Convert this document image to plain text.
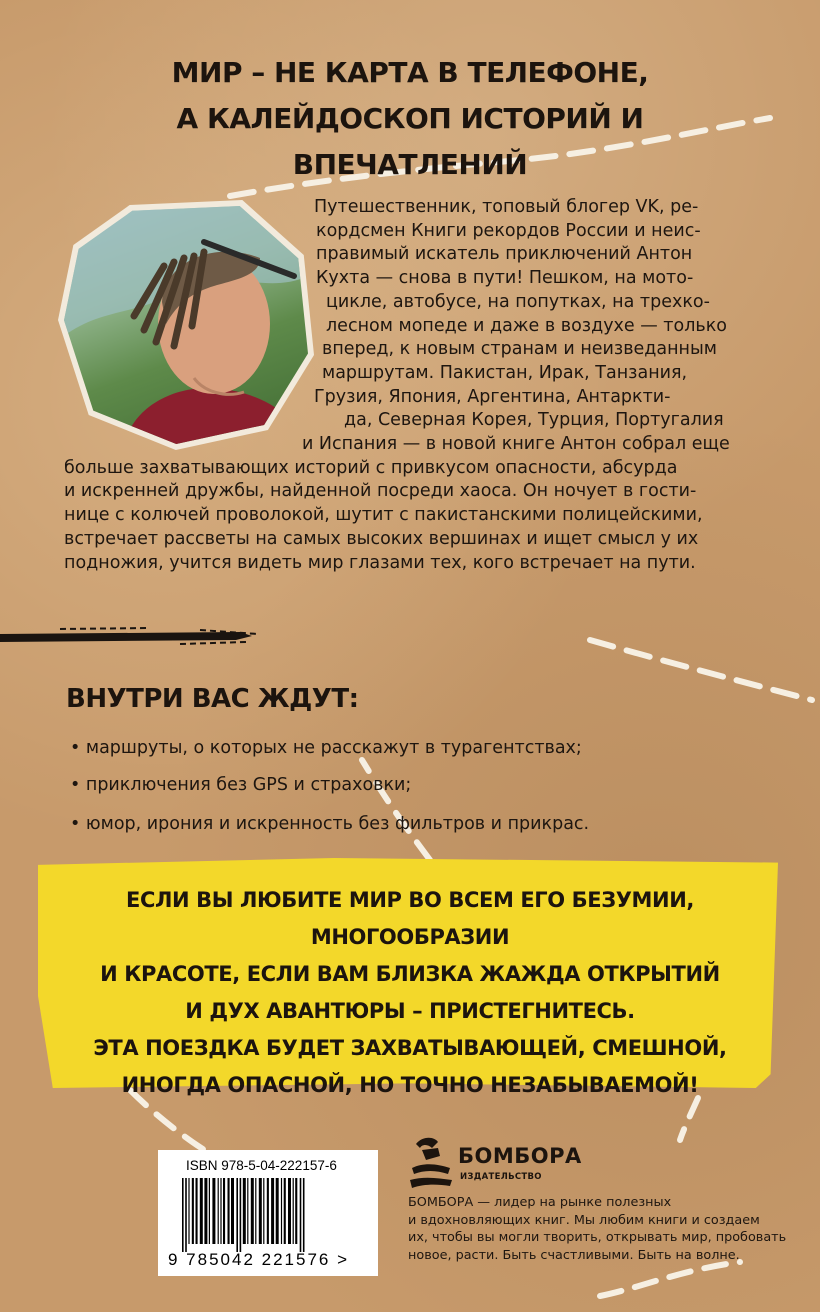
МИР – НЕ КАРТА В ТЕЛЕФОНЕ,
А КАЛЕЙДОСКОП ИСТОРИЙ И ВПЕЧАТЛЕНИЙ
Путешественник, топовый блогер VK, ре-
кордсмен Книги рекордов России и неис-
правимый искатель приключений Антон
Кухта — снова в пути! Пешком, на мото-
цикле, автобусе, на попутках, на трехко-
лесном мопеде и даже в воздухе — только
вперед, к новым странам и неизведанным
маршрутам. Пакистан, Ирак, Танзания,
Грузия, Япония, Аргентина, Антаркти-
да, Северная Корея, Турция, Португалия
и Испания — в новой книге Антон собрал еще
больше захватывающих историй с привкусом опасности, абсурда
и искренней дружбы, найденной посреди хаоса. Он ночует в гости-
нице с колючей проволокой, шутит с пакистанскими полицейскими,
встречает рассветы на самых высоких вершинах и ищет смысл у их
подножия, учится видеть мир глазами тех, кого встречает на пути.
ВНУТРИ ВАС ЖДУТ:
• маршруты, о которых не расскажут в турагентствах;
• приключения без GPS и страховки;
• юмор, ирония и искренность без фильтров и прикрас.
ЕСЛИ ВЫ ЛЮБИТЕ МИР ВО ВСЕМ ЕГО БЕЗУМИИ, МНОГООБРАЗИИ
И КРАСОТЕ, ЕСЛИ ВАМ БЛИЗКА ЖАЖДА ОТКРЫТИЙ
И ДУХ АВАНТЮРЫ – ПРИСТЕГНИТЕСЬ.
ЭТА ПОЕЗДКА БУДЕТ ЗАХВАТЫВАЮЩЕЙ, СМЕШНОЙ,
ИНОГДА ОПАСНОЙ, НО ТОЧНО НЕЗАБЫВАЕМОЙ!
ISBN 978-5-04-222157-6
9 785042 221576 >
БОМБОРА
ИЗДАТЕЛЬСТВО
БОМБОРА — лидер на рынке полезных
и вдохновляющих книг. Мы любим книги и создаем
их, чтобы вы могли творить, открывать мир, пробовать
новое, расти. Быть счастливыми. Быть на волне.
